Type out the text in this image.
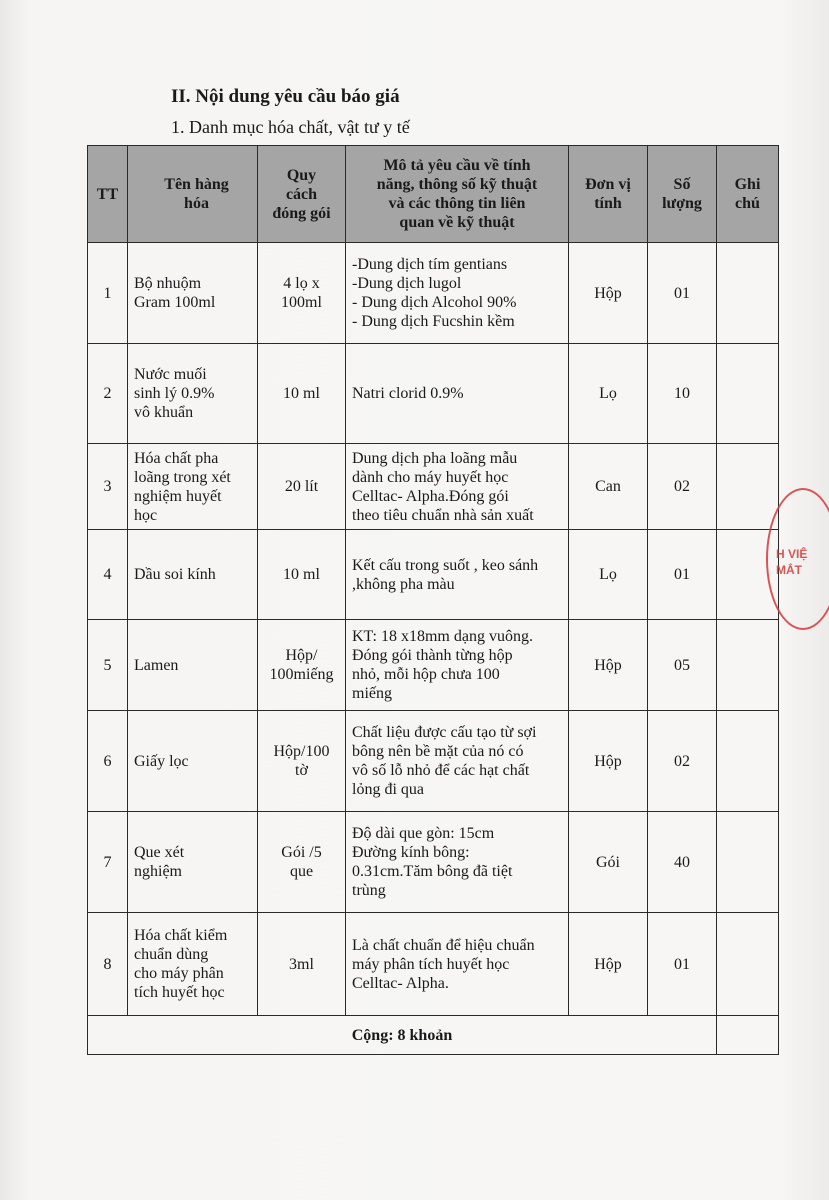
II. Nội dung yêu cầu báo giá

1. Danh mục hóa chất, vật tư y tế

TT	Tên hàng
hóa	Quy
cách
đóng gói	Mô tả yêu cầu về tính
năng, thông số kỹ thuật
và các thông tin liên
quan về kỹ thuật	Đơn vị
tính	Số
lượng	Ghi
chú
1	Bộ nhuộm
Gram 100ml	4 lọ x
100ml	-Dung dịch tím gentians
-Dung dịch lugol
- Dung dịch Alcohol 90%
- Dung dịch Fucshin kềm	Hộp	01	
2	Nước muối
sinh lý 0.9%
vô khuẩn	10 ml	Natri clorid 0.9%	Lọ	10	
3	Hóa chất pha
loãng trong xét
nghiệm huyết
học	20 lít	Dung dịch pha loãng mẫu
dành cho máy huyết học
Celltac- Alpha.Đóng gói
theo tiêu chuẩn nhà sản xuất	Can	02	
4	Dầu soi kính	10 ml	Kết cấu trong suốt , keo sánh
,không pha màu	Lọ	01	
5	Lamen	Hộp/
100miếng	KT: 18 x18mm dạng vuông.
Đóng gói thành từng hộp
nhỏ, mỗi hộp chưa 100
miếng	Hộp	05	
6	Giấy lọc	Hộp/100
tờ	Chất liệu được cấu tạo từ sợi
bông nên bề mặt của nó có
vô số lỗ nhỏ để các hạt chất
lỏng đi qua	Hộp	02	
7	Que xét
nghiệm	Gói /5
que	Độ dài que gòn: 15cm
Đường kính bông:
0.31cm.Tăm bông đã tiệt
trùng	Gói	40	
8	Hóa chất kiểm
chuẩn dùng
cho máy phân
tích huyết học	3ml	Là chất chuẩn để hiệu chuẩn
máy phân tích huyết học
Celltac- Alpha.	Hộp	01	
Cộng: 8 khoản						
H VIỆ
MẮT
